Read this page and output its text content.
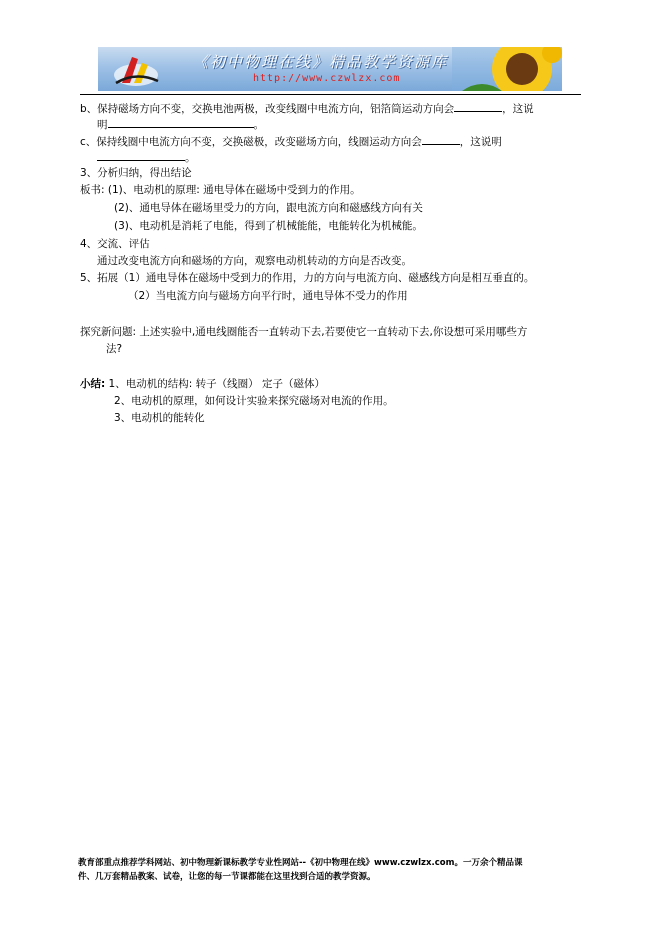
《初中物理在线》精品教学资源库
http://www.czwlzx.com
b、保持磁场方向不变，交换电池两极，改变线圈中电流方向，铝箔筒运动方向会	，这说
明	。
c、保持线圈中电流方向不变，交换磁极，改变磁场方向，线圈运动方向会	，这说明
。
3、分析归纳，得出结论
板书: (1)、电动机的原理: 通电导体在磁场中受到力的作用。
(2)、通电导体在磁场里受力的方向，跟电流方向和磁感线方向有关
(3)、电动机是消耗了电能，得到了机械能能，电能转化为机械能。
4、交流、评估
通过改变电流方向和磁场的方向，观察电动机转动的方向是否改变。
5、拓展（1）通电导体在磁场中受到力的作用，力的方向与电流方向、磁感线方向是相互垂直的。
（2）当电流方向与磁场方向平行时，通电导体不受力的作用
探究新问题: 上述实验中,通电线圈能否一直转动下去,若要使它一直转动下去,你设想可采用哪些方
法?
小结: 1、电动机的结构: 转子（线圈） 定子（磁体）
2、电动机的原理，如何设计实验来探究磁场对电流的作用。
3、电动机的能转化
教育部重点推荐学科网站、初中物理新课标教学专业性网站--《初中物理在线》www.czwlzx.com。一万余个精品课
件、几万套精品教案、试卷，让您的每一节课都能在这里找到合适的教学资源。
